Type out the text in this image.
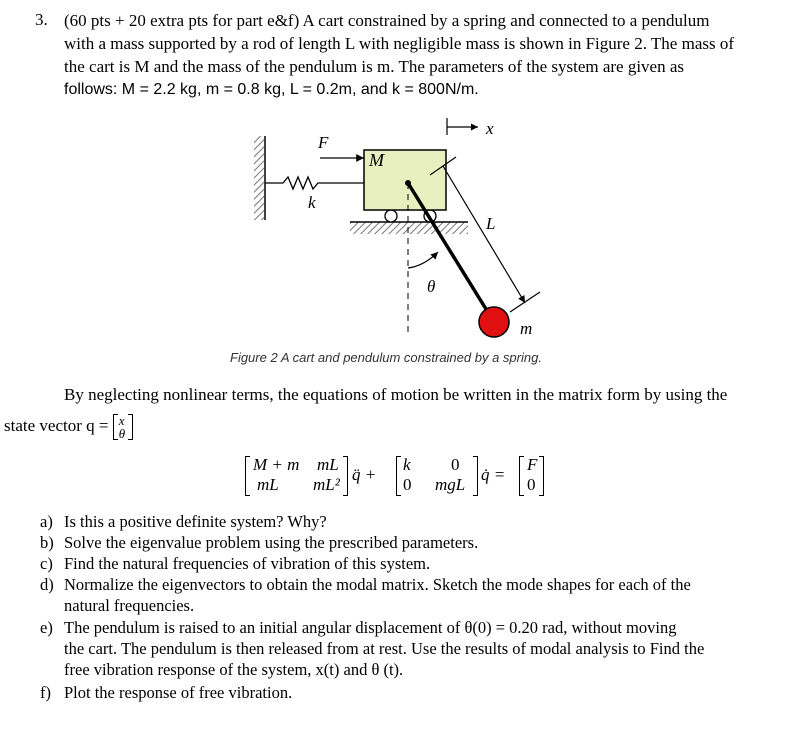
3. (60 pts + 20 extra pts for part e&f) A cart constrained by a spring and connected to a pendulum
with a mass supported by a rod of length L with negligible mass is shown in Figure 2. The mass of
the cart is M and the mass of the pendulum is m. The parameters of the system are given as
follows: M = 2.2 kg, m = 0.8 kg, L = 0.2m, and k = 800N/m.
F
M
k
x
L
θ
m
Figure 2 A cart and pendulum constrained by a spring.
By neglecting nonlinear terms, the equations of motion be written in the matrix form by using the
state vector q = x
θ
M + m mL
mL mL²
q̈ +
k 0
0 mgL
q̇ =
F
0
a) Is this a positive definite system? Why?
b) Solve the eigenvalue problem using the prescribed parameters.
c) Find the natural frequencies of vibration of this system.
d) Normalize the eigenvectors to obtain the modal matrix. Sketch the mode shapes for each of the
natural frequencies.
e) The pendulum is raised to an initial angular displacement of θ(0) = 0.20 rad, without moving
the cart. The pendulum is then released from at rest. Use the results of modal analysis to Find the
free vibration response of the system, x(t) and θ (t).
f) Plot the response of free vibration.
